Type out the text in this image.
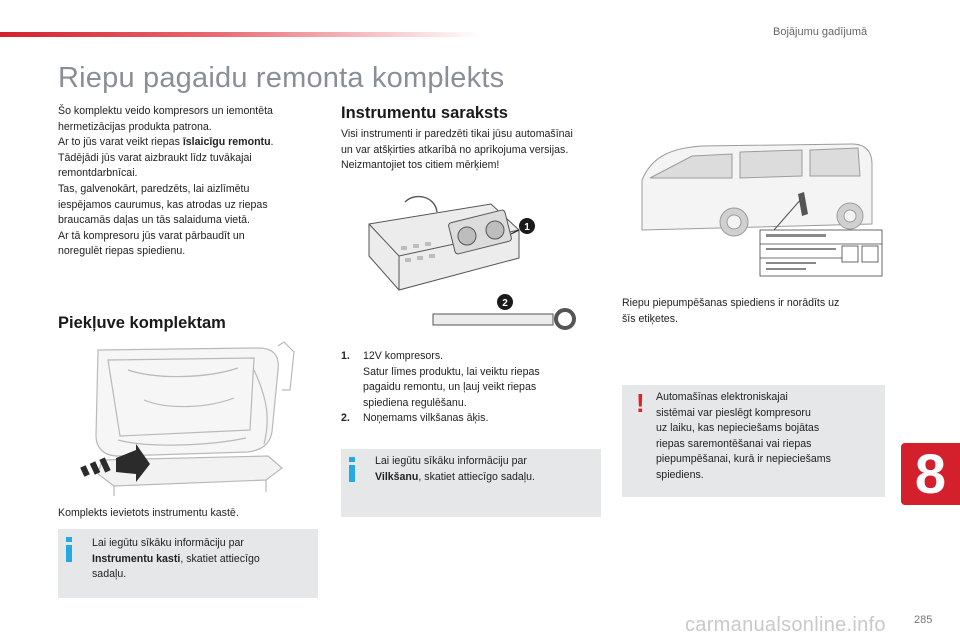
Bojājumu gadījumā
Riepu pagaidu remonta komplekts
Šo komplektu veido kompresors un iemontēta
hermetizācijas produkta patrona.
Ar to jūs varat veikt riepas īslaicīgu remontu.
Tādējādi jūs varat aizbraukt līdz tuvākajai
remontdarbnīcai.
Tas, galvenokārt, paredzēts, lai aizlīmētu
iespējamos caurumus, kas atrodas uz riepas
braucamās daļas un tās salaiduma vietā.
Ar tā kompresoru jūs varat pārbaudīt un
noregulēt riepas spiedienu.
Piekļuve komplektam
Komplekts ievietots instrumentu kastē.
Lai iegūtu sīkāku informāciju par
Instrumentu kasti, skatiet attiecīgo
sadaļu.
Instrumentu saraksts
Visi instrumenti ir paredzēti tikai jūsu automašīnai
un var atšķirties atkarībā no aprīkojuma versijas.
Neizmantojiet tos citiem mērķiem!
1
2
1. 12V kompresors.
Satur līmes produktu, lai veiktu riepas
pagaidu remontu, un ļauj veikt riepas
spiediena regulēšanu.
2. Noņemams vilkšanas āķis.
Lai iegūtu sīkāku informāciju par
Vilkšanu, skatiet attiecīgo sadaļu.
Riepu piepumpēšanas spiediens ir norādīts uz
šīs etiķetes.
! Automašīnas elektroniskajai
sistēmai var pieslēgt kompresoru
uz laiku, kas nepieciešams bojātas
riepas saremontēšanai vai riepas
piepumpēšanai, kurā ir nepieciešams
spiediens.	8
carmanualsonline.info	285
